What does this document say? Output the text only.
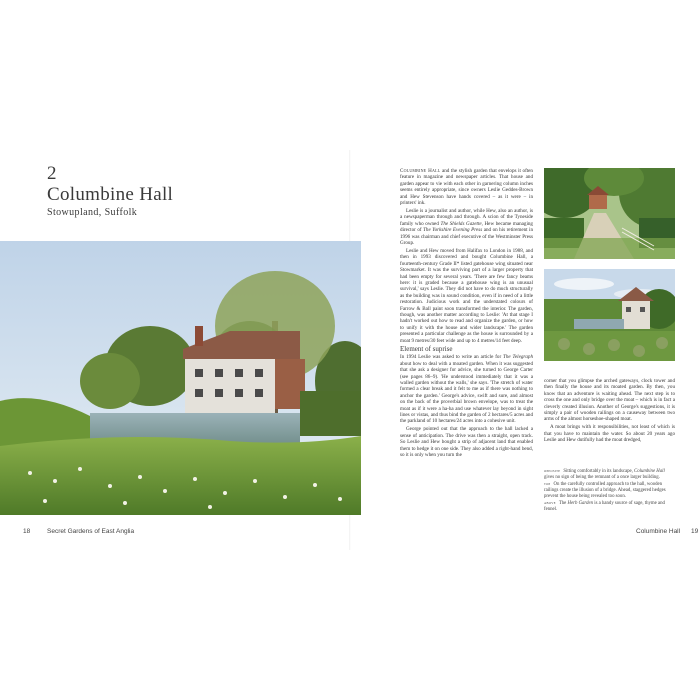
2
Columbine Hall
Stowupland, Suffolk
18	Secret Gardens of East Anglia

Columbine Hall and the stylish garden that envelops it often feature in magazine and newspaper articles. That house and garden appear to vie with each other in garnering column inches seems entirely appropriate, since owners Leslie Geddes-Brown and Hew Stevenson have hands covered – as it were – in printers' ink.

Leslie is a journalist and author, while Hew, also an author, is a newspaperman through and through. A scion of the Tyneside family who owned The Shields Gazette, Hew became managing director of The Yorkshire Evening Press and on his retirement in 1996 was chairman and chief executive of the Westminster Press Group.

Leslie and Hew moved from Halifax to London in 1988, and then in 1993 discovered and bought Columbine Hall, a fourteenth-century Grade II* listed gatehouse wing situated near Stowmarket. It was the surviving part of a larger property that had been empty for several years. 'There are few fancy beams here: it is graded because a gatehouse wing is an unusual survival,' says Leslie. They did not have to do much structurally as the building was in sound condition, even if in need of a little restoration. Judicious work and the understated colours of Farrow & Ball paint soon transformed the interior. The garden, though, was another matter according to Leslie: 'At that stage I hadn't worked out how to read and organize the garden, or how to unify it with the house and wider landscape.' The garden presented a particular challenge as the house is surrounded by a moat 9 metres/30 feet wide and up to 4 metres/14 feet deep.

Element of suprise

In 1994 Leslie was asked to write an article for The Telegraph about how to deal with a moated garden. When it was suggested that she ask a designer for advice, she turned to George Carter (see pages 86–9). 'He understood immediately that it was a walled garden without the walls,' she says. 'The stretch of water formed a clear break and it felt to me as if there was nothing to anchor the garden.' George's advice, swift and sure, and almost on the back of the proverbial brown envelope, was to treat the moat as if it were a ha-ha and use whatever lay beyond in sight lines or vistas, and thus bind the garden of 2 hectares/5 acres and the parkland of 10 hectares/24 acres into a cohesive unit.

George pointed out that the approach to the hall lacked a sense of anticipation. The drive was then a straight, open track. So Leslie and Hew bought a strip of adjacent land that enabled them to hedge it on one side. They also added a right-hand bend, so it is only when you turn the

corner that you glimpse the arched gateways, clock tower and then finally the house and its moated garden. By then, you know that an adventure is waiting ahead. The next step is to cross the one and only bridge over the moat – which is in fact a cleverly created illusion. Another of George's suggestions, it is simply a pair of wooden railings on a causeway between two arms of the almost horseshoe-shaped moat.

A moat brings with it responsibilities, not least of which is that you have to maintain the water. So about 20 years ago Leslie and Hew dutifully had the moat dredged,

opposite Sitting comfortably in its landscape, Columbine Hall gives no sign of being the remnant of a once larger building.

top On the carefully controlled approach to the hall, wooden railings create the illusion of a bridge. Ahead, staggered hedges prevent the house being revealed too soon.

above The Herb Garden is a handy source of sage, thyme and fennel.

Columbine Hall 19
